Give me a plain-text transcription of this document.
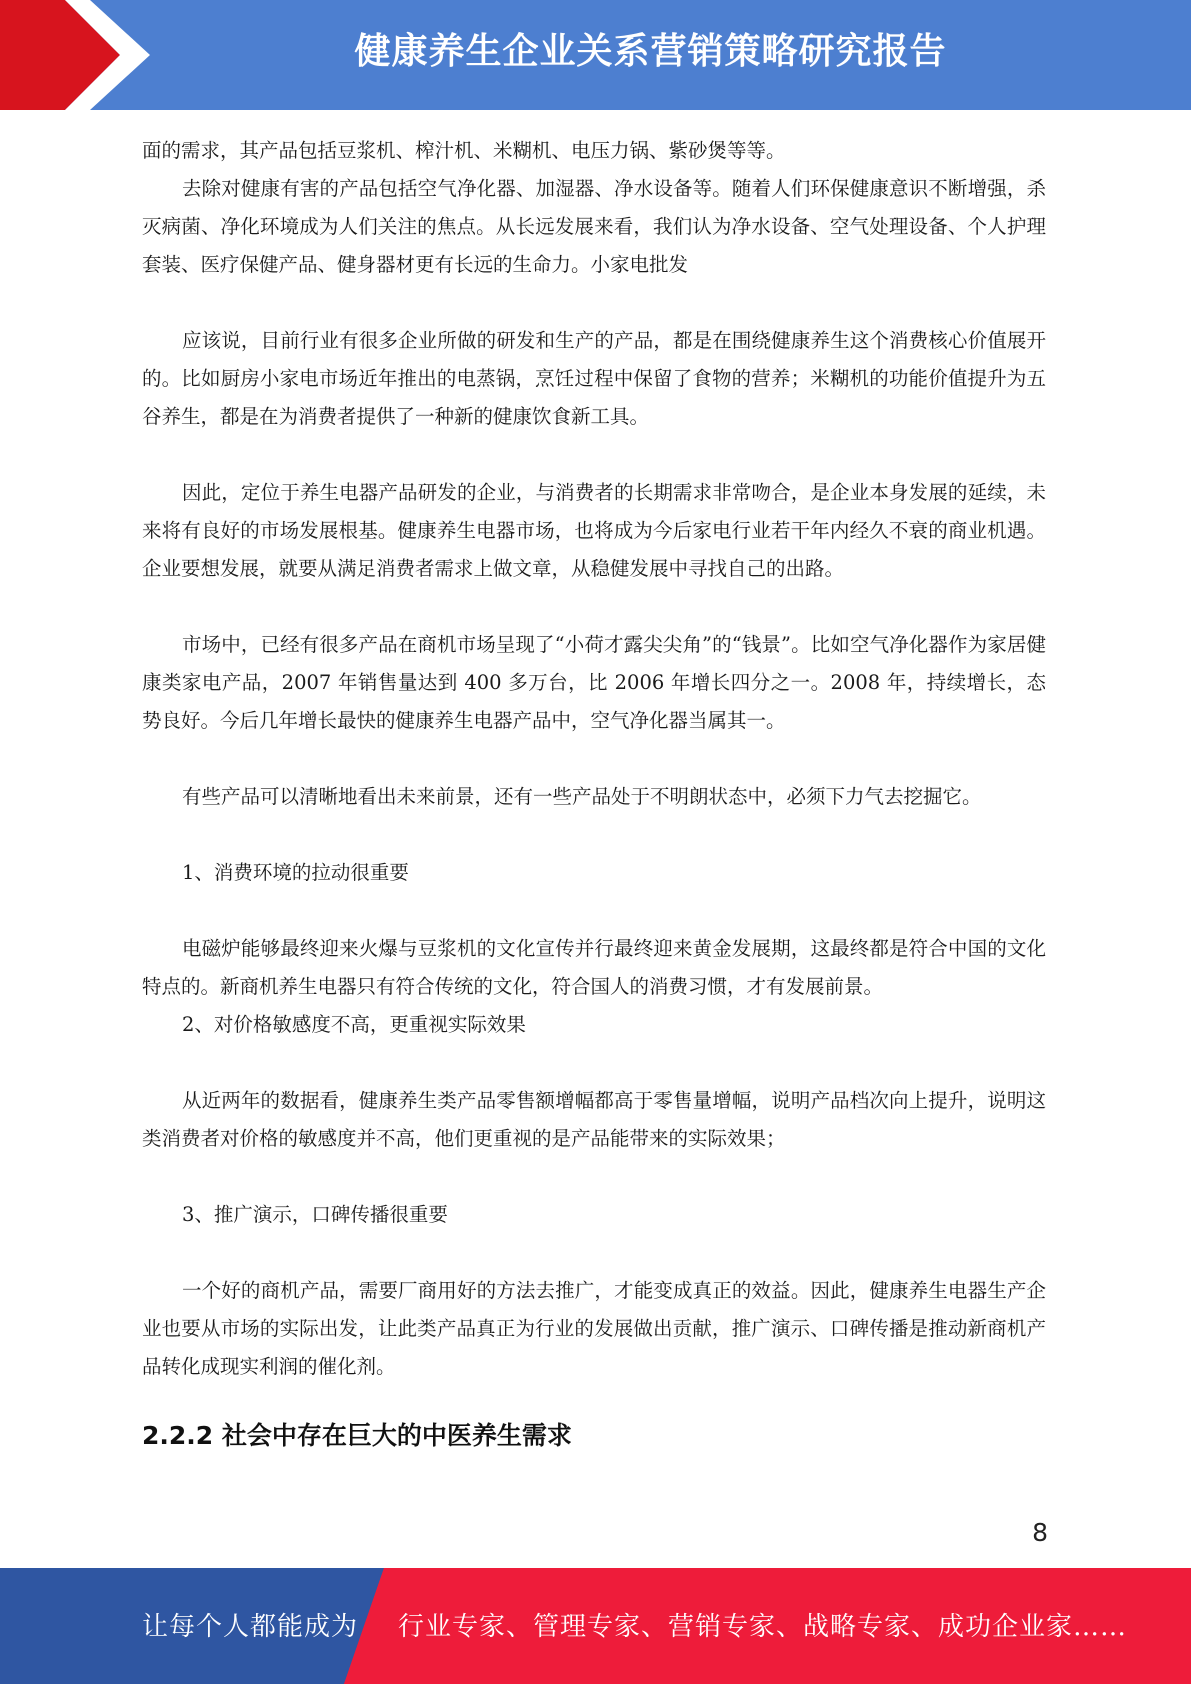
健康养生企业关系营销策略研究报告

面的需求，其产品包括豆浆机、榨汁机、米糊机、电压力锅、紫砂煲等等。

去除对健康有害的产品包括空气净化器、加湿器、净水设备等。随着人们环保健康意识不断增强，杀灭病菌、净化环境成为人们关注的焦点。从长远发展来看，我们认为净水设备、空气处理设备、个人护理套装、医疗保健产品、健身器材更有长远的生命力。小家电批发

应该说，目前行业有很多企业所做的研发和生产的产品，都是在围绕健康养生这个消费核心价值展开的。比如厨房小家电市场近年推出的电蒸锅，烹饪过程中保留了食物的营养；米糊机的功能价值提升为五谷养生，都是在为消费者提供了一种新的健康饮食新工具。

因此，定位于养生电器产品研发的企业，与消费者的长期需求非常吻合，是企业本身发展的延续，未来将有良好的市场发展根基。健康养生电器市场，也将成为今后家电行业若干年内经久不衰的商业机遇。企业要想发展，就要从满足消费者需求上做文章，从稳健发展中寻找自己的出路。

市场中，已经有很多产品在商机市场呈现了“小荷才露尖尖角”的“钱景”。比如空气净化器作为家居健康类家电产品，2007 年销售量达到 400 多万台，比 2006 年增长四分之一。2008 年，持续增长，态势良好。今后几年增长最快的健康养生电器产品中，空气净化器当属其一。

有些产品可以清晰地看出未来前景，还有一些产品处于不明朗状态中，必须下力气去挖掘它。

1、消费环境的拉动很重要

电磁炉能够最终迎来火爆与豆浆机的文化宣传并行最终迎来黄金发展期，这最终都是符合中国的文化特点的。新商机养生电器只有符合传统的文化，符合国人的消费习惯，才有发展前景。

2、对价格敏感度不高，更重视实际效果

从近两年的数据看，健康养生类产品零售额增幅都高于零售量增幅，说明产品档次向上提升，说明这类消费者对价格的敏感度并不高，他们更重视的是产品能带来的实际效果；

3、推广演示，口碑传播很重要

一个好的商机产品，需要厂商用好的方法去推广，才能变成真正的效益。因此，健康养生电器生产企业也要从市场的实际出发，让此类产品真正为行业的发展做出贡献，推广演示、口碑传播是推动新商机产品转化成现实利润的催化剂。

2.2.2 社会中存在巨大的中医养生需求
8
让每个人都能成为 行业专家、管理专家、营销专家、战略专家、成功企业家……
